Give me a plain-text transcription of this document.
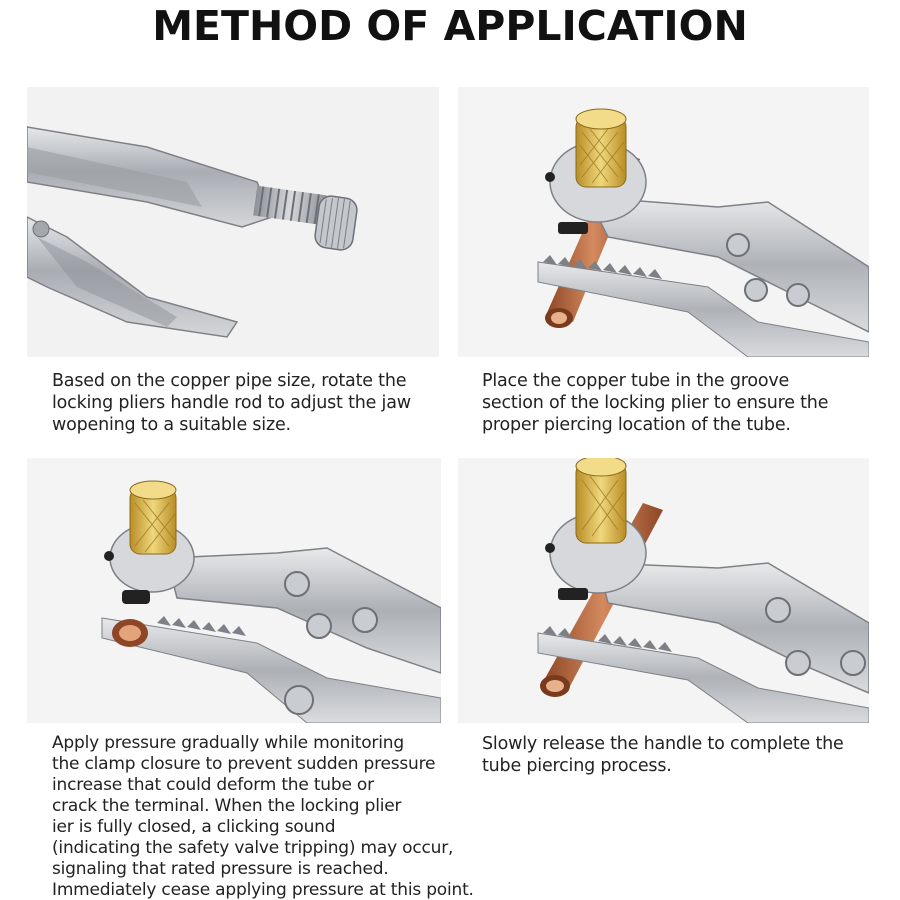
METHOD OF APPLICATION
Based on the copper pipe size, rotate the
locking pliers handle rod to adjust the jaw
wopening to a suitable size.
Place the copper tube in the groove
section of the locking plier to ensure the
proper piercing location of the tube.
Apply pressure gradually while monitoring
the clamp closure to prevent sudden pressure
increase that could deform the tube or
crack the terminal. When the locking plier
ier is fully closed, a clicking sound
(indicating the safety valve tripping) may occur,
signaling that rated pressure is reached.
Immediately cease applying pressure at this point.
Slowly release the handle to complete the
tube piercing process.
